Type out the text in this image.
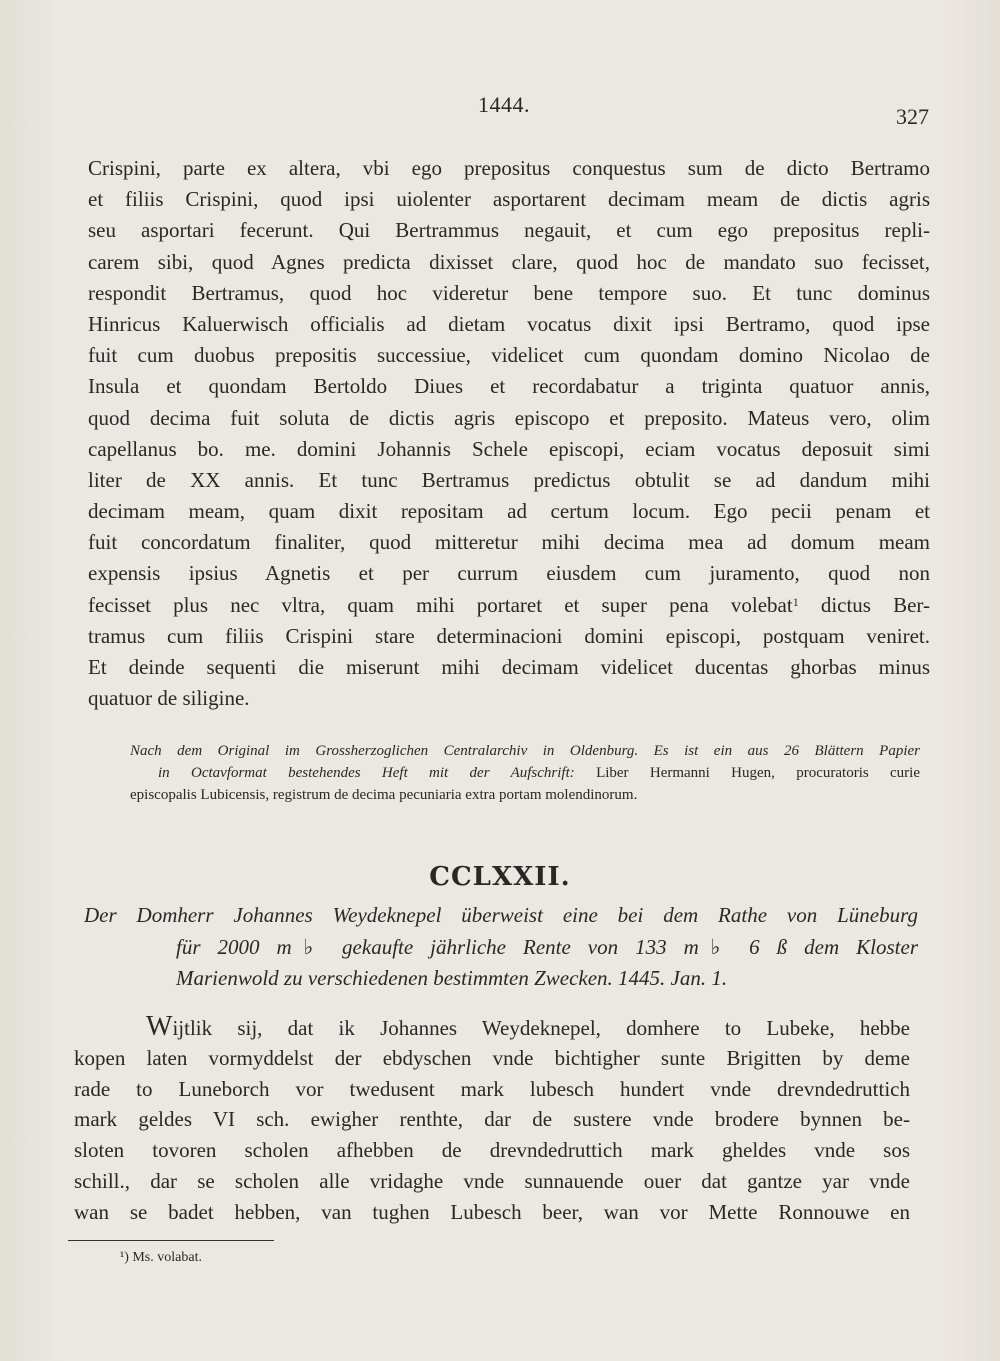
1444.	327
Crispini, parte ex altera, vbi ego prepositus conquestus sum de dicto Bertramo
et filiis Crispini, quod ipsi uiolenter asportarent decimam meam de dictis agris
seu asportari fecerunt. Qui Bertrammus negauit, et cum ego prepositus repli-
carem sibi, quod Agnes predicta dixisset clare, quod hoc de mandato suo fecisset,
respondit Bertramus, quod hoc videretur bene tempore suo. Et tunc dominus
Hinricus Kaluerwisch officialis ad dietam vocatus dixit ipsi Bertramo, quod ipse
fuit cum duobus prepositis successiue, videlicet cum quondam domino Nicolao de
Insula et quondam Bertoldo Diues et recordabatur a triginta quatuor annis,
quod decima fuit soluta de dictis agris episcopo et preposito. Mateus vero, olim
capellanus bo. me. domini Johannis Schele episcopi, eciam vocatus deposuit simi
liter de XX annis. Et tunc Bertramus predictus obtulit se ad dandum mihi
decimam meam, quam dixit repositam ad certum locum. Ego pecii penam et
fuit concordatum finaliter, quod mitteretur mihi decima mea ad domum meam
expensis ipsius Agnetis et per currum eiusdem cum juramento, quod non
fecisset plus nec vltra, quam mihi portaret et super pena volebat$^1$ dictus Ber-
tramus cum filiis Crispini stare determinacioni domini episcopi, postquam veniret.
Et deinde sequenti die miserunt mihi decimam videlicet ducentas ghorbas minus
quatuor de siligine.
Nach dem Original im Grossherzoglichen Centralarchiv in Oldenburg. Es ist ein aus 26 Blättern Papier
in Octavformat bestehendes Heft mit der Aufschrift: Liber Hermanni Hugen, procuratoris curie
episcopalis Lubicensis, registrum de decima pecuniaria extra portam molendinorum.
CCLXXII.
Der Domherr Johannes Weydeknepel überweist eine bei dem Rathe von Lüneburg
für 2000 m♭ gekaufte jährliche Rente von 133 m♭ 6 ß dem Kloster
Marienwold zu verschiedenen bestimmten Zwecken. 1445. Jan. 1.
Wijtlik sij, dat ik Johannes Weydeknepel, domhere to Lubeke, hebbe
kopen laten vormyddelst der ebdyschen vnde bichtigher sunte Brigitten by deme
rade to Luneborch vor twedusent mark lubesch hundert vnde drevndedruttich
mark geldes VI sch. ewigher renthte, dar de sustere vnde brodere bynnen be-
sloten tovoren scholen afhebben de drevndedruttich mark gheldes vnde sos
schill., dar se scholen alle vridaghe vnde sunnauende ouer dat gantze yar vnde
wan se badet hebben, van tughen Lubesch beer, wan vor Mette Ronnouwe en
¹) Ms. volabat.
